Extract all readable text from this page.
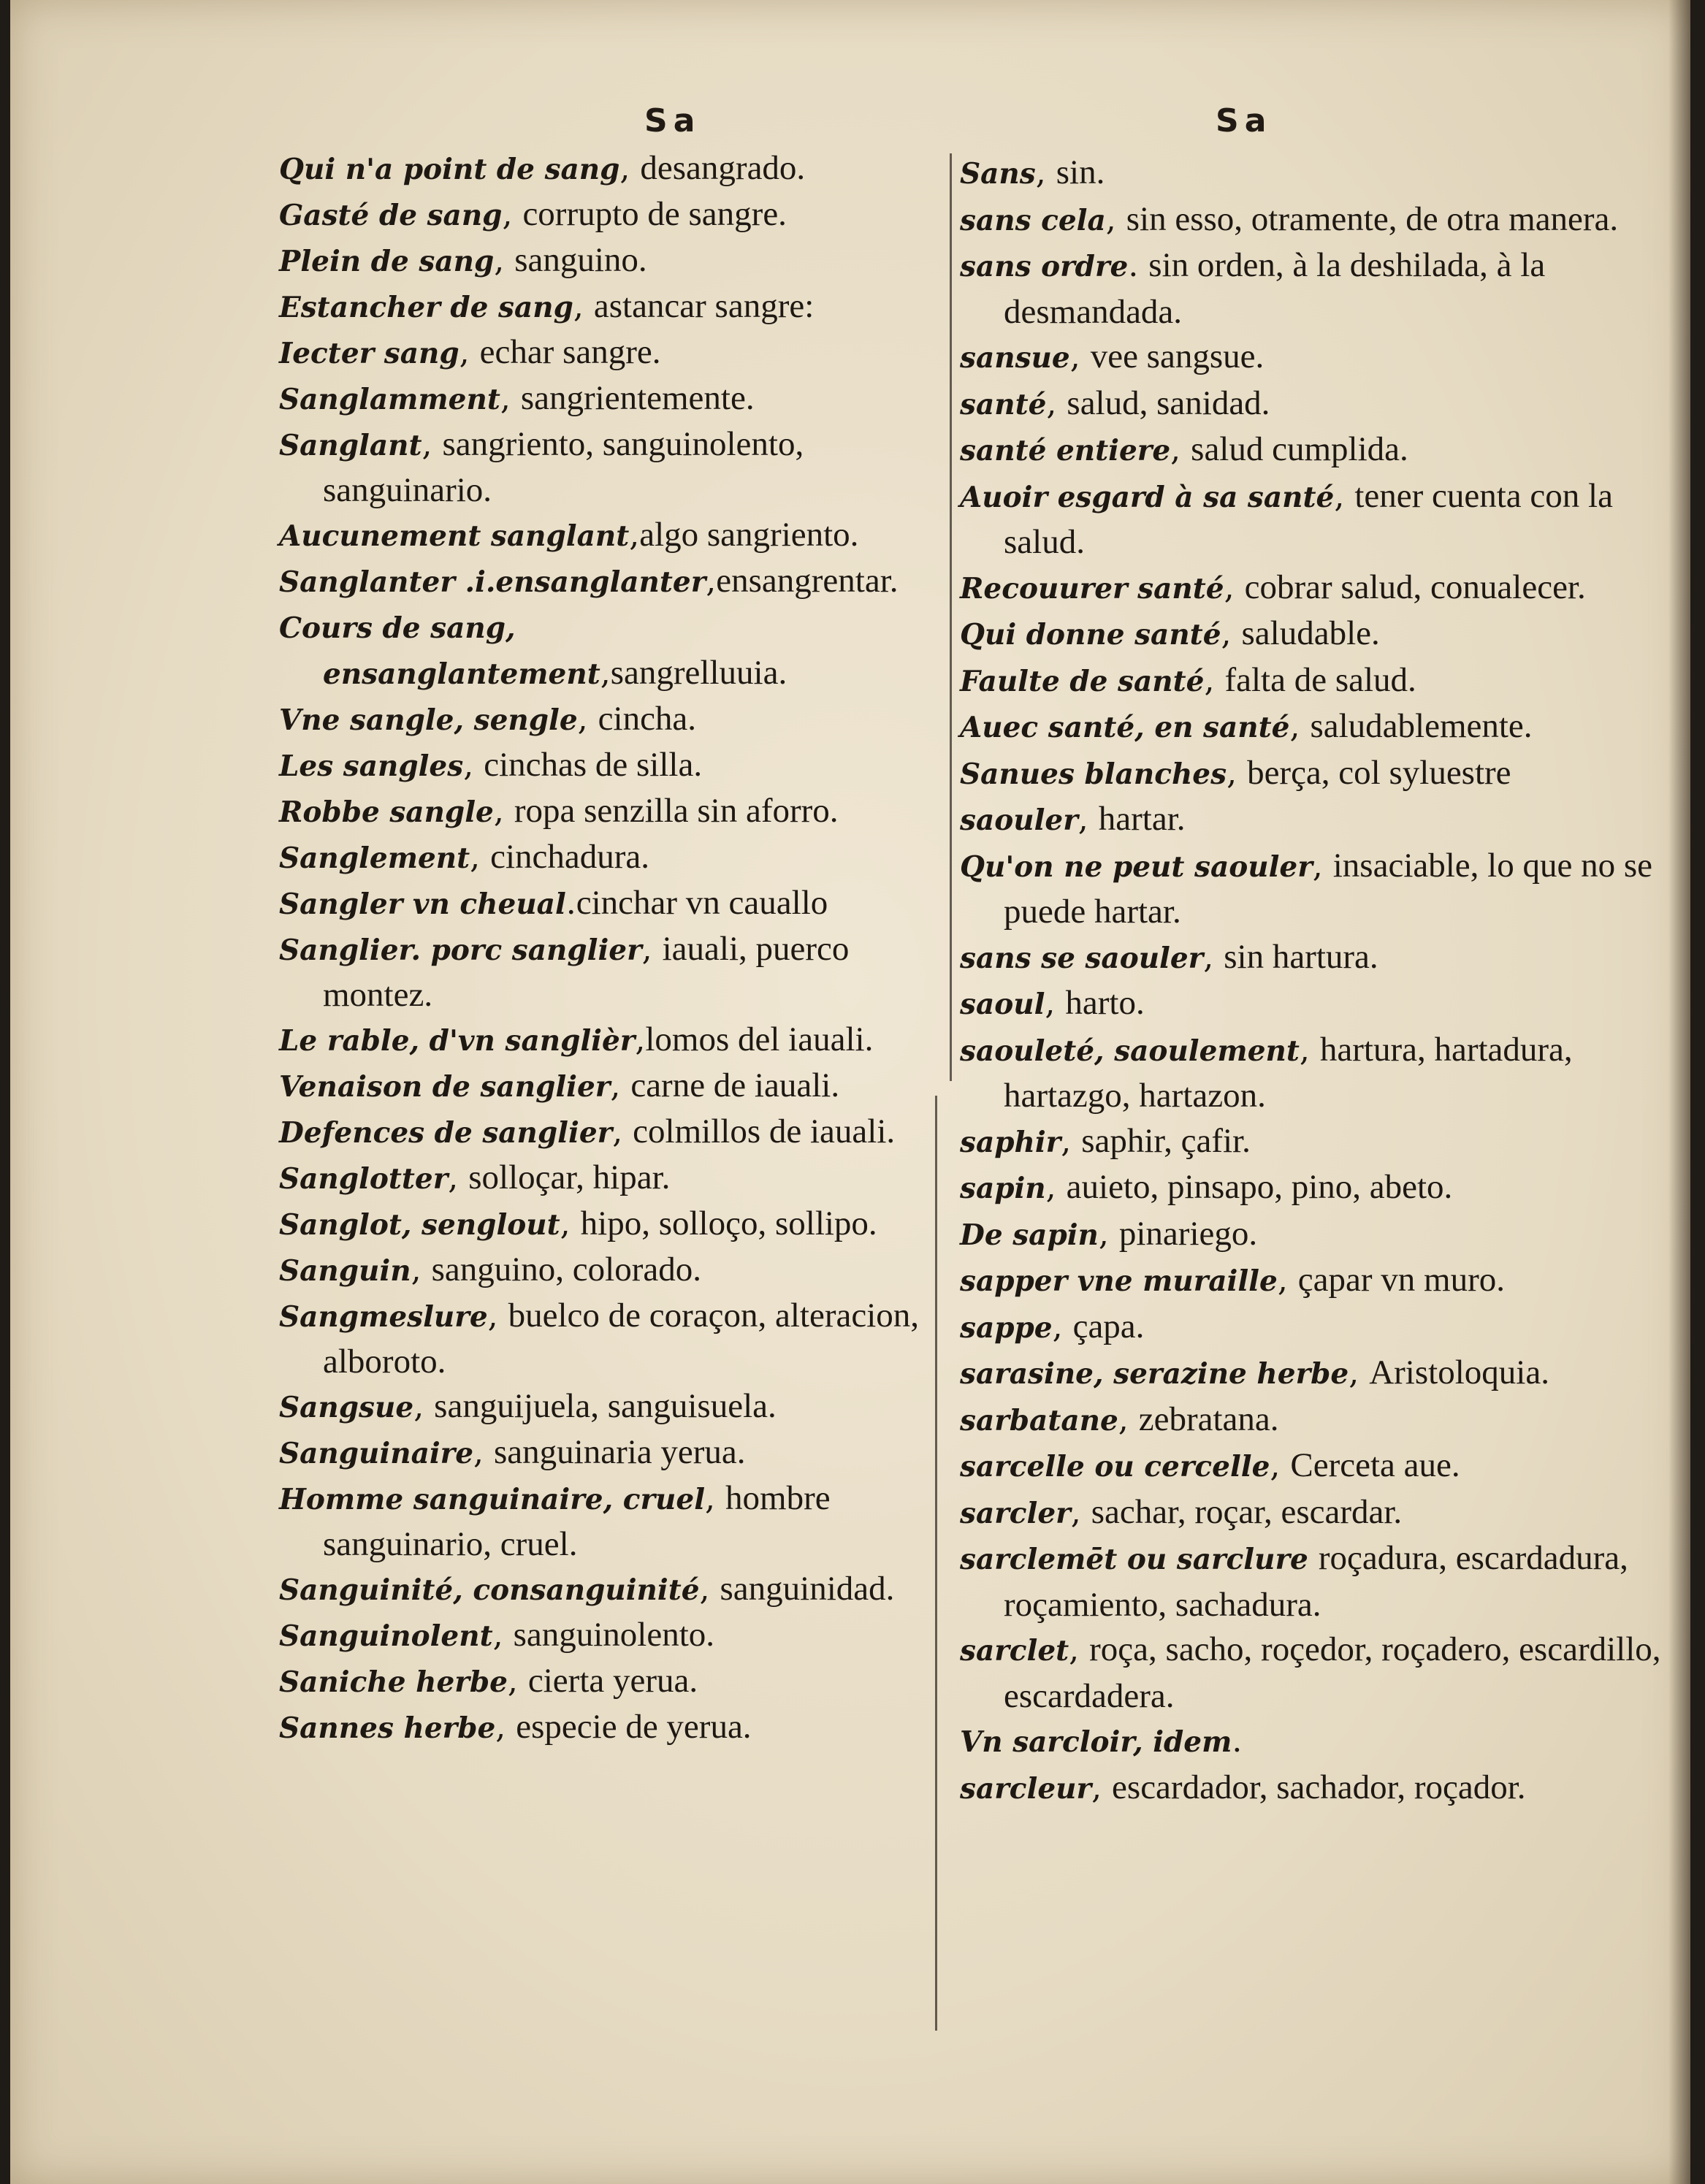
Sa
Qui n'a point de sang, desangrado.
Gasté de sang, corrupto de sangre.
Plein de sang, sanguino.
Estancher de sang, astancar sangre:
Iecter sang, echar sangre.
Sanglamment, sangrientemente.
Sanglant, sangriento, sanguinolento, sanguinario.
Aucunement sanglant,algo sangriento.
Sanglanter .i.ensanglanter,ensangrentar.
Cours de sang, ensanglantement,sangrelluuia.
Vne sangle, sengle, cincha.
Les sangles, cinchas de silla.
Robbe sangle, ropa senzilla sin aforro.
Sanglement, cinchadura.
Sangler vn cheual.cinchar vn cauallo
Sanglier. porc sanglier, iauali, puerco montez.
Le rable, d'vn sanglièr,lomos del iauali.
Venaison de sanglier, carne de iauali.
Defences de sanglier, colmillos de iauali.
Sanglotter, solloçar, hipar.
Sanglot, senglout, hipo, solloço, sollipo.
Sanguin, sanguino, colorado.
Sangmeslure, buelco de coraçon, alteracion, alboroto.
Sangsue, sanguijuela, sanguisuela.
Sanguinaire, sanguinaria yerua.
Homme sanguinaire, cruel, hombre sanguinario, cruel.
Sanguinité, consanguinité, sanguinidad.
Sanguinolent, sanguinolento.
Saniche herbe, cierta yerua.
Sannes herbe, especie de yerua.
Sa
Sans, sin.
sans cela, sin esso, otramente, de otra manera.
sans ordre. sin orden, à la deshilada, à la desmandada.
sansue, vee sangsue.
santé, salud, sanidad.
santé entiere, salud cumplida.
Auoir esgard à sa santé, tener cuenta con la salud.
Recouurer santé, cobrar salud, conualecer.
Qui donne santé, saludable.
Faulte de santé, falta de salud.
Auec santé, en santé, saludablemente.
Sanues blanches, berça, col syluestre
saouler, hartar.
Qu'on ne peut saouler, insaciable, lo que no se puede hartar.
sans se saouler, sin hartura.
saoul, harto.
saouleté, saoulement, hartura, hartadura, hartazgo, hartazon.
saphir, saphir, çafir.
sapin, auieto, pinsapo, pino, abeto.
De sapin, pinariego.
sapper vne muraille, çapar vn muro.
sappe, çapa.
sarasine, serazine herbe, Aristoloquia.
sarbatane, zebratana.
sarcelle ou cercelle, Cerceta aue.
sarcler, sachar, roçar, escardar.
sarclemēt ou sarclure roçadura, escardadura, roçamiento, sachadura.
sarclet, roça, sacho, roçedor, roçadero, escardillo, escardadera.
Vn sarcloir, idem.
sarcleur, escardador, sachador, roçador.
